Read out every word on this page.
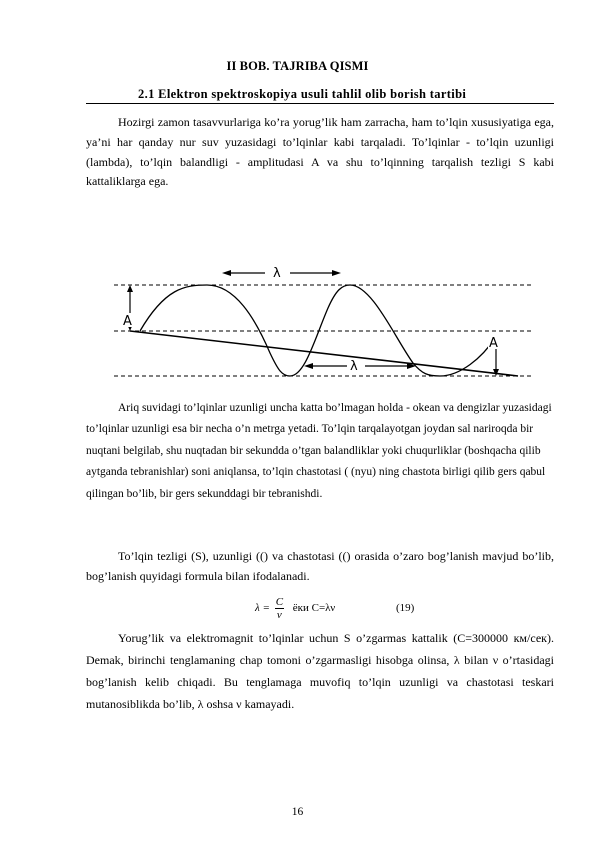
II BOB. TAJRIBA QISMI
2.1 Elektron spektroskopiya usuli tahlil olib borish tartibi

Hozirgi zamon tasavvurlariga ko’ra yorug’lik ham zarracha, ham to’lqin xususiyatiga ega, ya’ni har qanday nur suv yuzasidagi to’lqinlar kabi tarqaladi. To’lqinlar - to’lqin uzunligi (lambda), to’lqin balandligi - amplitudasi A va shu to’lqinning tarqalish tezligi S kabi kattaliklarga ega.

λ
λ
A
A

Ariq suvidagi to’lqinlar uzunligi uncha katta bo’lmagan holda - okean va dengizlar yuzasidagi to’lqinlar uzunligi esa bir necha o’n metrga yetadi. To’lqin tarqalayotgan joydan sal nariroqda bir nuqtani belgilab, shu nuqtadan bir sekundda o’tgan balandliklar yoki chuqurliklar (boshqacha qilib aytganda tebranishlar) soni aniqlansa, to’lqin chastotasi ( (nyu) ning chastota birligi qilib gers qabul qilingan bo’lib, bir gers sekunddagi bir tebranishdi.

To’lqin tezligi (S), uzunligi (() va chastotasi (() orasida o’zaro bog’lanish mavjud bo’lib, bog’lanish quyidagi formula bilan ifodalanadi.

$\lambda = \frac{C}{\nu}$ ёки С=λν	(19)

Yorug’lik va elektromagnit to’lqinlar uchun S o’zgarmas kattalik (C=300000 км/сек). Demak, birinchi tenglamaning chap tomoni o’zgarmasligi hisobga olinsa, λ bilan ν o’rtasidagi bog’lanish kelib chiqadi. Bu tenglamaga muvofiq to’lqin uzunligi va chastotasi teskari mutanosiblikda bo’lib, λ oshsa ν kamayadi.

16
